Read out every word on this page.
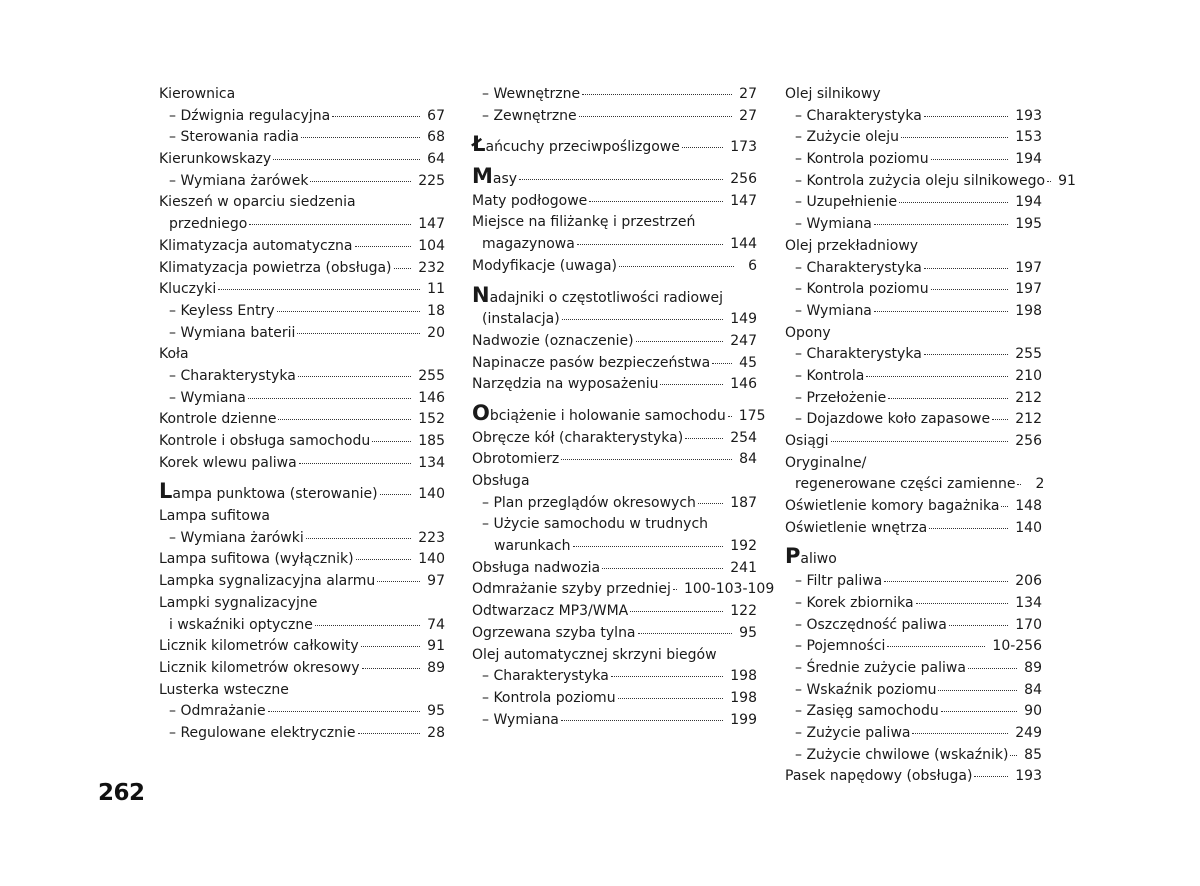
Kierownica
– Dźwignia regulacyjna	67
– Sterowania radia	68
Kierunkowskazy	64
– Wymiana żarówek	225
Kieszeń w oparciu siedzenia
przedniego	147
Klimatyzacja automatyczna	104
Klimatyzacja powietrza (obsługa) 232
Kluczyki	11
– Keyless Entry	18
– Wymiana baterii	20
Koła
– Charakterystyka	255
– Wymiana	146
Kontrole dzienne	152
Kontrole i obsługa samochodu	185
Korek wlewu paliwa	134
Lampa punktowa (sterowanie)	140
Lampa sufitowa
– Wymiana żarówki	223
Lampa sufitowa (wyłącznik)	140
Lampka sygnalizacyjna alarmu	97
Lampki sygnalizacyjne
i wskaźniki optyczne	74
Licznik kilometrów całkowity	91
Licznik kilometrów okresowy	89
Lusterka wsteczne
– Odmrażanie	95
– Regulowane elektrycznie	28
– Wewnętrzne	27
– Zewnętrzne	27
Łańcuchy przeciwpoślizgowe	173
Masy	256
Maty podłogowe	147
Miejsce na filiżankę i przestrzeń
magazynowa	144
Modyfikacje (uwaga)	6
Nadajniki o częstotliwości radiowej
(instalacja)	149
Nadwozie (oznaczenie)	247
Napinacze pasów bezpieczeństwa 45
Narzędzia na wyposażeniu	146
Obciążenie i holowanie samochodu 175
Obręcze kół (charakterystyka)	254
Obrotomierz	84
Obsługa
– Plan przeglądów okresowych 187
– Użycie samochodu w trudnych
warunkach	192
Obsługa nadwozia	241
Odmrażanie szyby przedniej 100-103-109
Odtwarzacz MP3/WMA	122
Ogrzewana szyba tylna	95
Olej automatycznej skrzyni biegów
– Charakterystyka	198
– Kontrola poziomu	198
– Wymiana	199
Olej silnikowy
– Charakterystyka	193
– Zużycie oleju	153
– Kontrola poziomu	194
– Kontrola zużycia oleju silnikowego 91
– Uzupełnienie	194
– Wymiana	195
Olej przekładniowy
– Charakterystyka	197
– Kontrola poziomu	197
– Wymiana	198
Opony
– Charakterystyka	255
– Kontrola	210
– Przełożenie	212
– Dojazdowe koło zapasowe 212
Osiągi	256
Oryginalne/
regenerowane części zamienne	2
Oświetlenie komory bagażnika 148
Oświetlenie wnętrza	140
Paliwo
– Filtr paliwa	206
– Korek zbiornika	134
– Oszczędność paliwa	170
– Pojemności	10-256
– Średnie zużycie paliwa	89
– Wskaźnik poziomu	84
– Zasięg samochodu	90
– Zużycie paliwa	249
– Zużycie chwilowe (wskaźnik) 85
Pasek napędowy (obsługa)	193
262
